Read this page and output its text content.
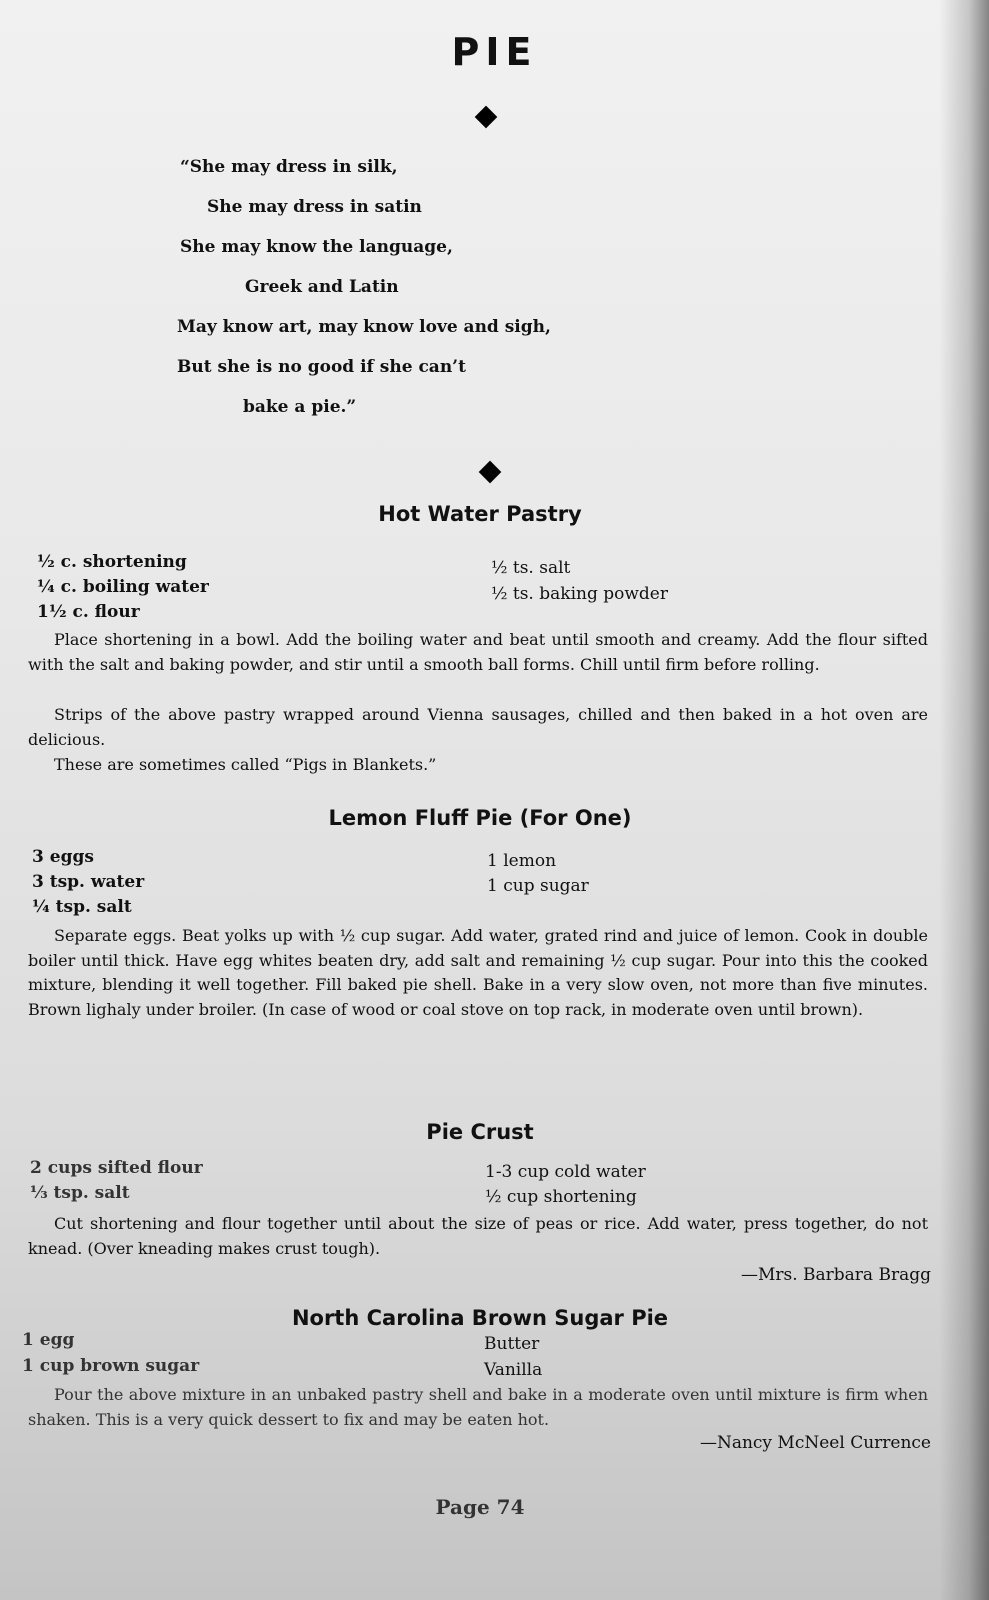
PIE
“She may dress in silk,
She may dress in satin
She may know the language,
Greek and Latin
May know art, may know love and sigh,
But she is no good if she can’t
bake a pie.”
Hot Water Pastry
½ c. shortening
¼ c. boiling water
1½ c. flour
½ ts. salt
½ ts. baking powder
Place shortening in a bowl. Add the boiling water and beat until smooth and creamy. Add the flour sifted with the salt and baking powder, and stir until a smooth ball forms. Chill until firm before rolling.
Strips of the above pastry wrapped around Vienna sausages, chilled and then baked in a hot oven are delicious.
These are sometimes called “Pigs in Blankets.”
Lemon Fluff Pie (For One)
3 eggs
3 tsp. water
¼ tsp. salt
1 lemon
1 cup sugar
Separate eggs. Beat yolks up with ½ cup sugar. Add water, grated rind and juice of lemon. Cook in double boiler until thick. Have egg whites beaten dry, add salt and remaining ½ cup sugar. Pour into this the cooked mixture, blending it well together. Fill baked pie shell. Bake in a very slow oven, not more than five minutes. Brown lighaly under broiler. (In case of wood or coal stove on top rack, in moderate oven until brown).
Pie Crust
2 cups sifted flour
⅓ tsp. salt
1-3 cup cold water
½ cup shortening
Cut shortening and flour together until about the size of peas or rice. Add water, press together, do not knead. (Over kneading makes crust tough).
—Mrs. Barbara Bragg
North Carolina Brown Sugar Pie
1 egg
1 cup brown sugar
Butter
Vanilla
Pour the above mixture in an unbaked pastry shell and bake in a moderate oven until mixture is firm when shaken. This is a very quick dessert to fix and may be eaten hot.
—Nancy McNeel Currence
Page 74
